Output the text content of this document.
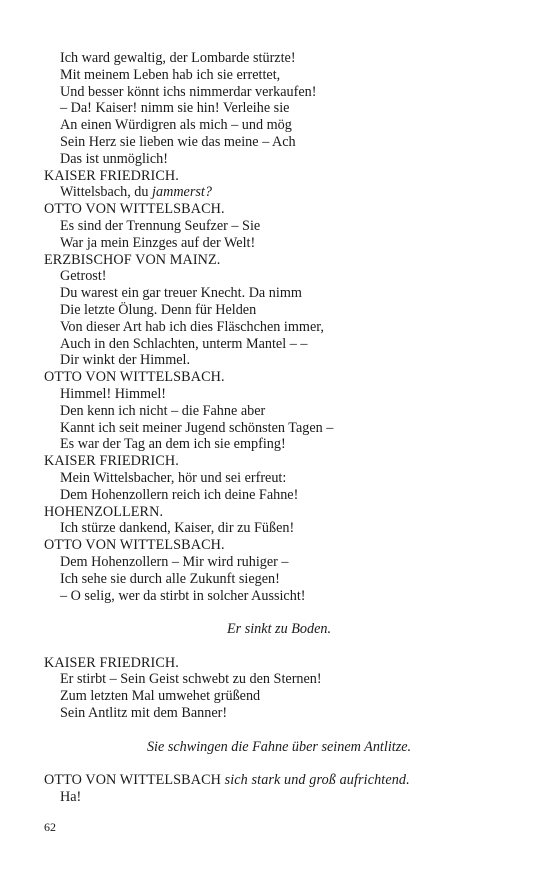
Ich ward gewaltig, der Lombarde stürzte!
Mit meinem Leben hab ich sie errettet,
Und besser könnt ichs nimmerdar verkaufen!
– Da! Kaiser! nimm sie hin! Verleihe sie
An einen Würdigren als mich – und mög
Sein Herz sie lieben wie das meine – Ach
Das ist unmöglich!
KAISER FRIEDRICH.
Wittelsbach, du jammerst?
OTTO VON WITTELSBACH.
Es sind der Trennung Seufzer – Sie
War ja mein Einzges auf der Welt!
ERZBISCHOF VON MAINZ.
Getrost!
Du warest ein gar treuer Knecht. Da nimm
Die letzte Ölung. Denn für Helden
Von dieser Art hab ich dies Fläschchen immer,
Auch in den Schlachten, unterm Mantel – –
Dir winkt der Himmel.
OTTO VON WITTELSBACH.
Himmel! Himmel!
Den kenn ich nicht – die Fahne aber
Kannt ich seit meiner Jugend schönsten Tagen –
Es war der Tag an dem ich sie empfing!
KAISER FRIEDRICH.
Mein Wittelsbacher, hör und sei erfreut:
Dem Hohenzollern reich ich deine Fahne!
HOHENZOLLERN.
Ich stürze dankend, Kaiser, dir zu Füßen!
OTTO VON WITTELSBACH.
Dem Hohenzollern – Mir wird ruhiger –
Ich sehe sie durch alle Zukunft siegen!
– O selig, wer da stirbt in solcher Aussicht!
Er sinkt zu Boden.
KAISER FRIEDRICH.
Er stirbt – Sein Geist schwebt zu den Sternen!
Zum letzten Mal umwehet grüßend
Sein Antlitz mit dem Banner!
Sie schwingen die Fahne über seinem Antlitze.
OTTO VON WITTELSBACH sich stark und groß aufrichtend.
Ha!
62
